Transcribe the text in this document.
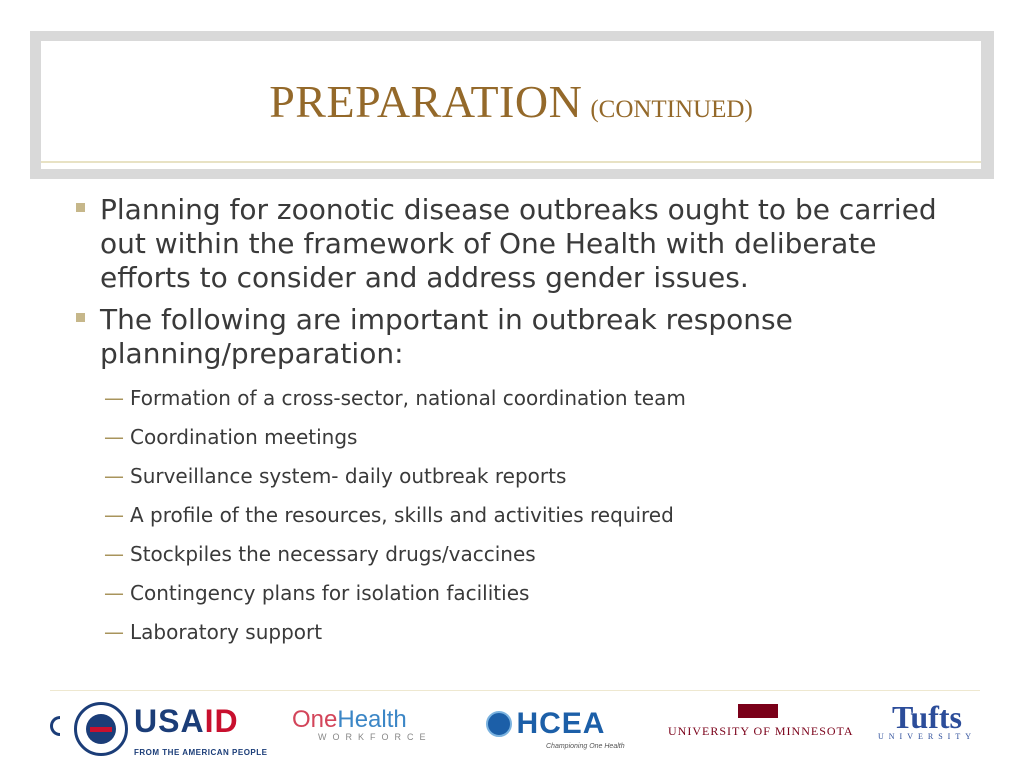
PREPARATION (CONTINUED)
Planning for zoonotic disease outbreaks ought to be carried out within the framework of One Health with deliberate efforts to consider and address gender issues.
The following are important in outbreak response planning/preparation:
— Formation of a cross-sector, national coordination team
— Coordination meetings
— Surveillance system- daily outbreak reports
— A profile of the resources, skills and activities required
— Stockpiles the necessary drugs/vaccines
— Contingency plans for isolation facilities
— Laboratory support
USAID
FROM THE AMERICAN PEOPLE
OneHealth
WORKFORCE	HCEA
Championing One Health
UNIVERSITY OF MINNESOTA	Tufts
UNIVERSITY
